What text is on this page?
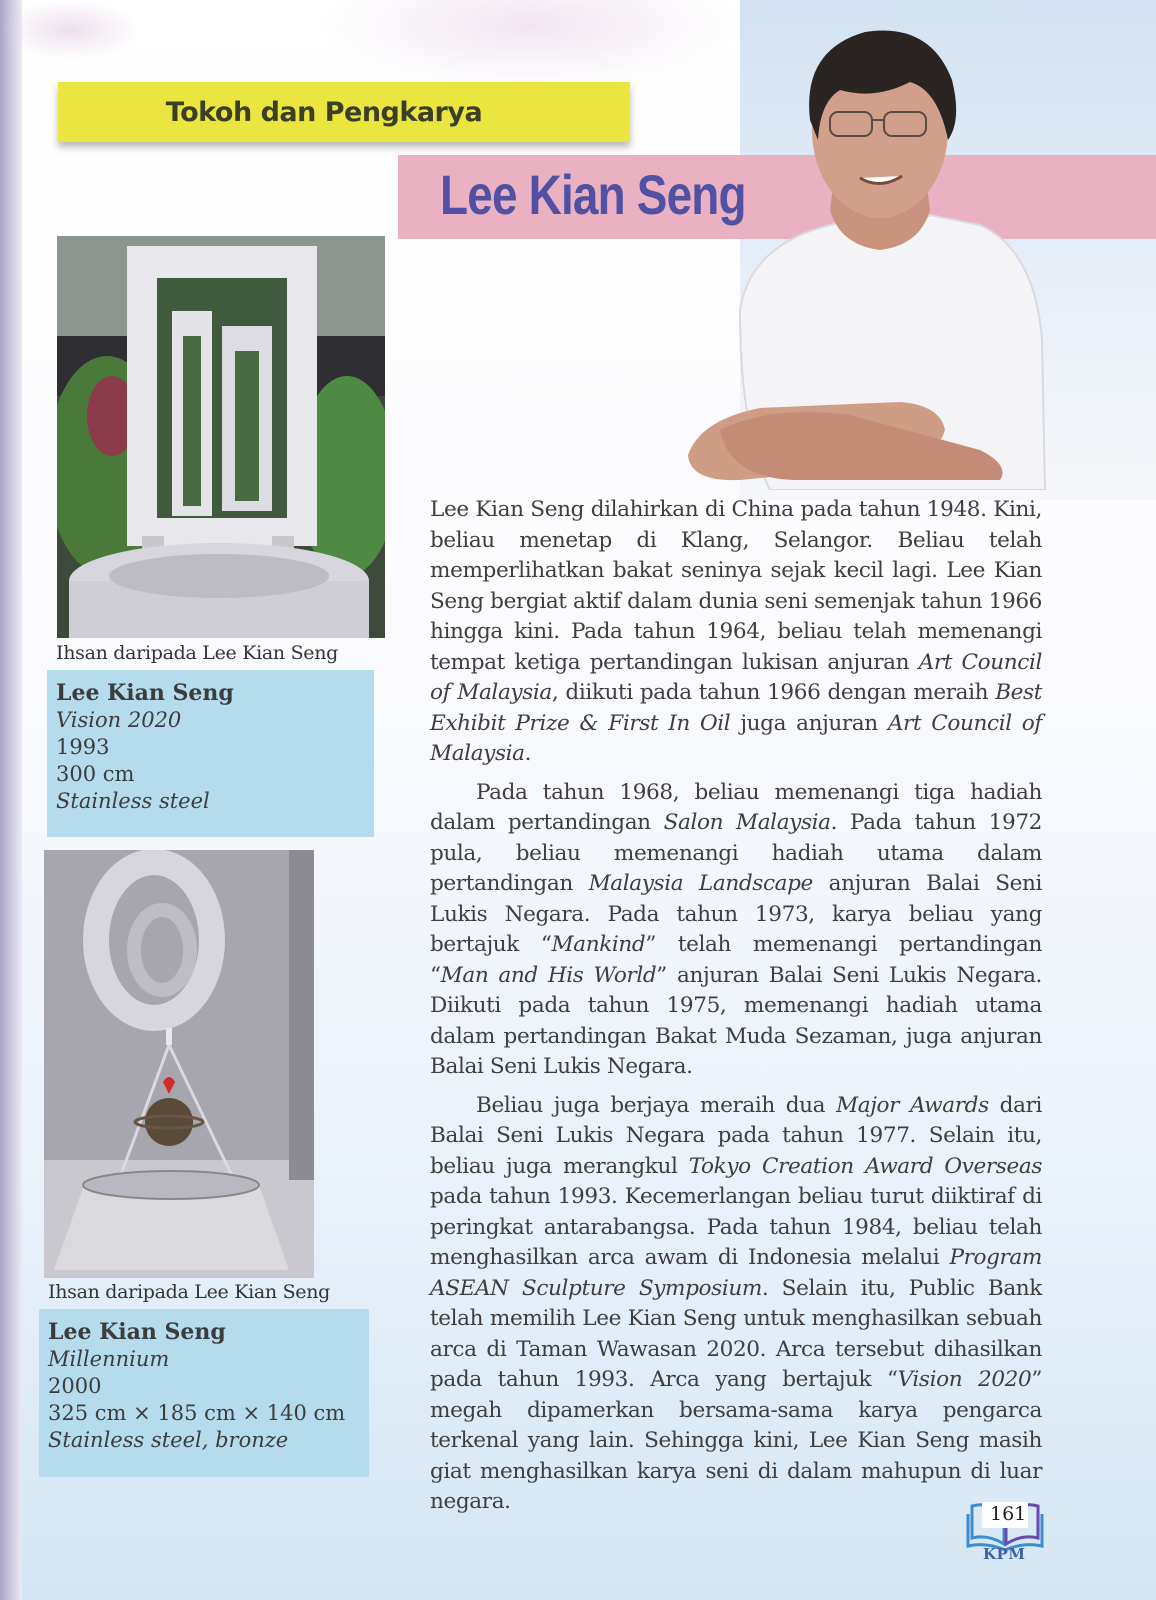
Tokoh dan Pengkarya
Lee Kian Seng
Ihsan daripada Lee Kian Seng
Lee Kian Seng
Vision 2020
1993
300 cm
Stainless steel
Ihsan daripada Lee Kian Seng
Lee Kian Seng
Millennium
2000
325 cm × 185 cm × 140 cm
Stainless steel, bronze

Lee Kian Seng dilahirkan di China pada tahun 1948. Kini, beliau menetap di Klang, Selangor. Beliau telah memperlihatkan bakat seninya sejak kecil lagi. Lee Kian Seng bergiat aktif dalam dunia seni semenjak tahun 1966 hingga kini. Pada tahun 1964, beliau telah memenangi tempat ketiga pertandingan lukisan anjuran Art Council of Malaysia, diikuti pada tahun 1966 dengan meraih Best Exhibit Prize & First In Oil juga anjuran Art Council of Malaysia.

Pada tahun 1968, beliau memenangi tiga hadiah dalam pertandingan Salon Malaysia. Pada tahun 1972 pula, beliau memenangi hadiah utama dalam pertandingan Malaysia Landscape anjuran Balai Seni Lukis Negara. Pada tahun 1973, karya beliau yang bertajuk “Mankind” telah memenangi pertandingan “Man and His World” anjuran Balai Seni Lukis Negara. Diikuti pada tahun 1975, memenangi hadiah utama dalam pertandingan Bakat Muda Sezaman, juga anjuran Balai Seni Lukis Negara.

Beliau juga berjaya meraih dua Major Awards dari Balai Seni Lukis Negara pada tahun 1977. Selain itu, beliau juga merangkul Tokyo Creation Award Overseas pada tahun 1993. Kecemerlangan beliau turut diiktiraf di peringkat antarabangsa. Pada tahun 1984, beliau telah menghasilkan arca awam di Indonesia melalui Program ASEAN Sculpture Symposium. Selain itu, Public Bank telah memilih Lee Kian Seng untuk menghasilkan sebuah arca di Taman Wawasan 2020. Arca tersebut dihasilkan pada tahun 1993. Arca yang bertajuk “Vision 2020” megah dipamerkan bersama-sama karya pengarca terkenal yang lain. Sehingga kini, Lee Kian Seng masih giat menghasilkan karya seni di dalam mahupun di luar negara.	161
KPM
